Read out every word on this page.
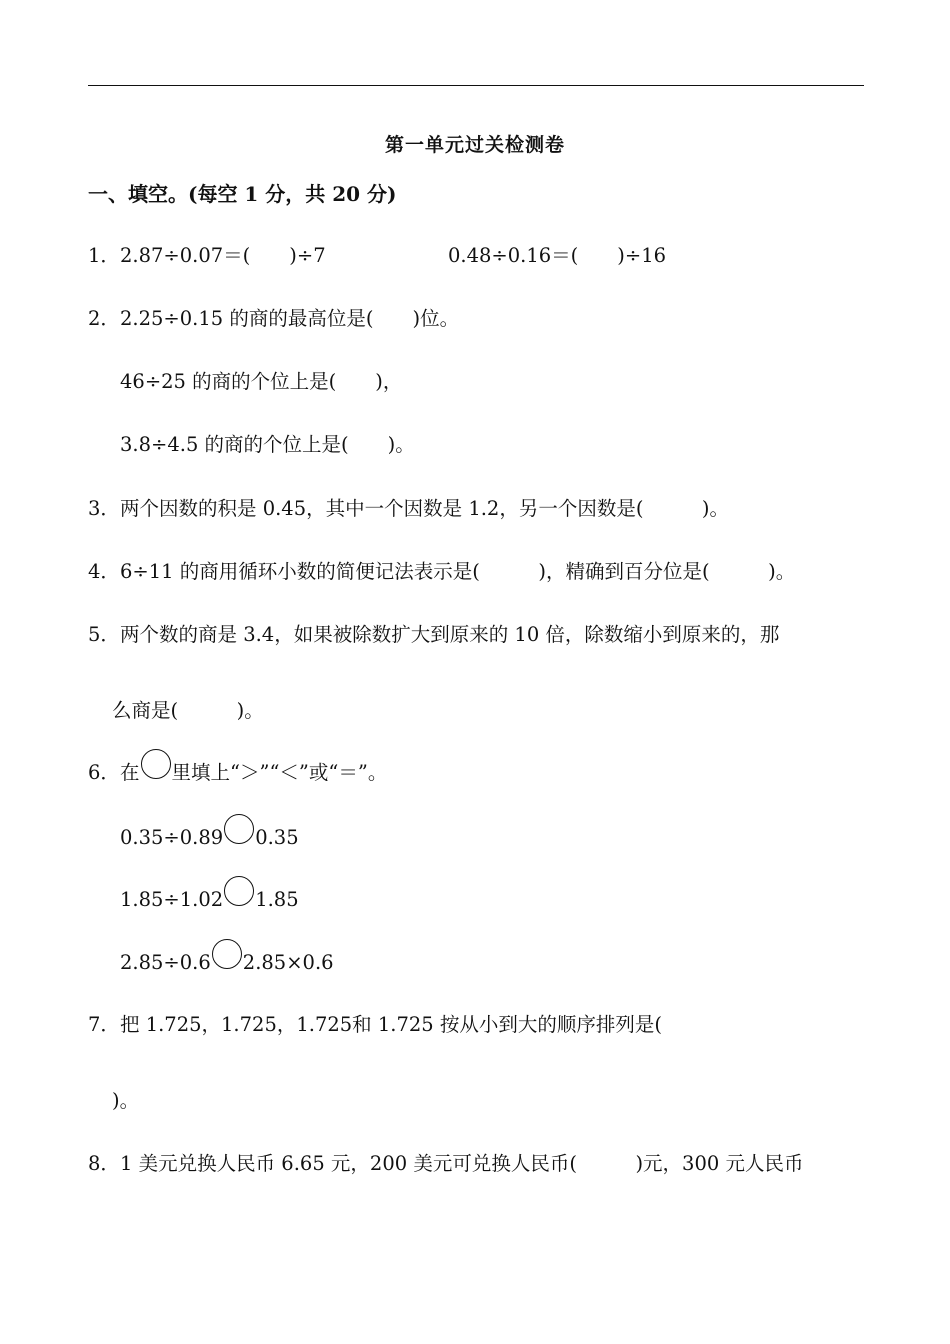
第一单元过关检测卷
一、填空。(每空 1 分，共 20 分)
1．2.87÷0.07＝(　　)÷7	0.48÷0.16＝(　　)÷16
2．2.25÷0.15 的商的最高位是(　　)位。
46÷25 的商的个位上是(　　)，
3.8÷4.5 的商的个位上是(　　)。
3．两个因数的积是 0.45，其中一个因数是 1.2，另一个因数是(　　　)。
4．6÷11 的商用循环小数的简便记法表示是(　　　)，精确到百分位是(　　　)。
5．两个数的商是 3.4，如果被除数扩大到原来的 10 倍，除数缩小到原来的，那
么商是(　　　)。
6．在 里填上“＞”“＜”或“＝”。
0.35÷0.89 0.35
1.85÷1.02 1.85
2.85÷0.6 2.85×0.6
7．把 1.725，1.725，1.725和 1.725 按从小到大的顺序排列是(
)。
8．1 美元兑换人民币 6.65 元，200 美元可兑换人民币(　　　)元，300 元人民币
